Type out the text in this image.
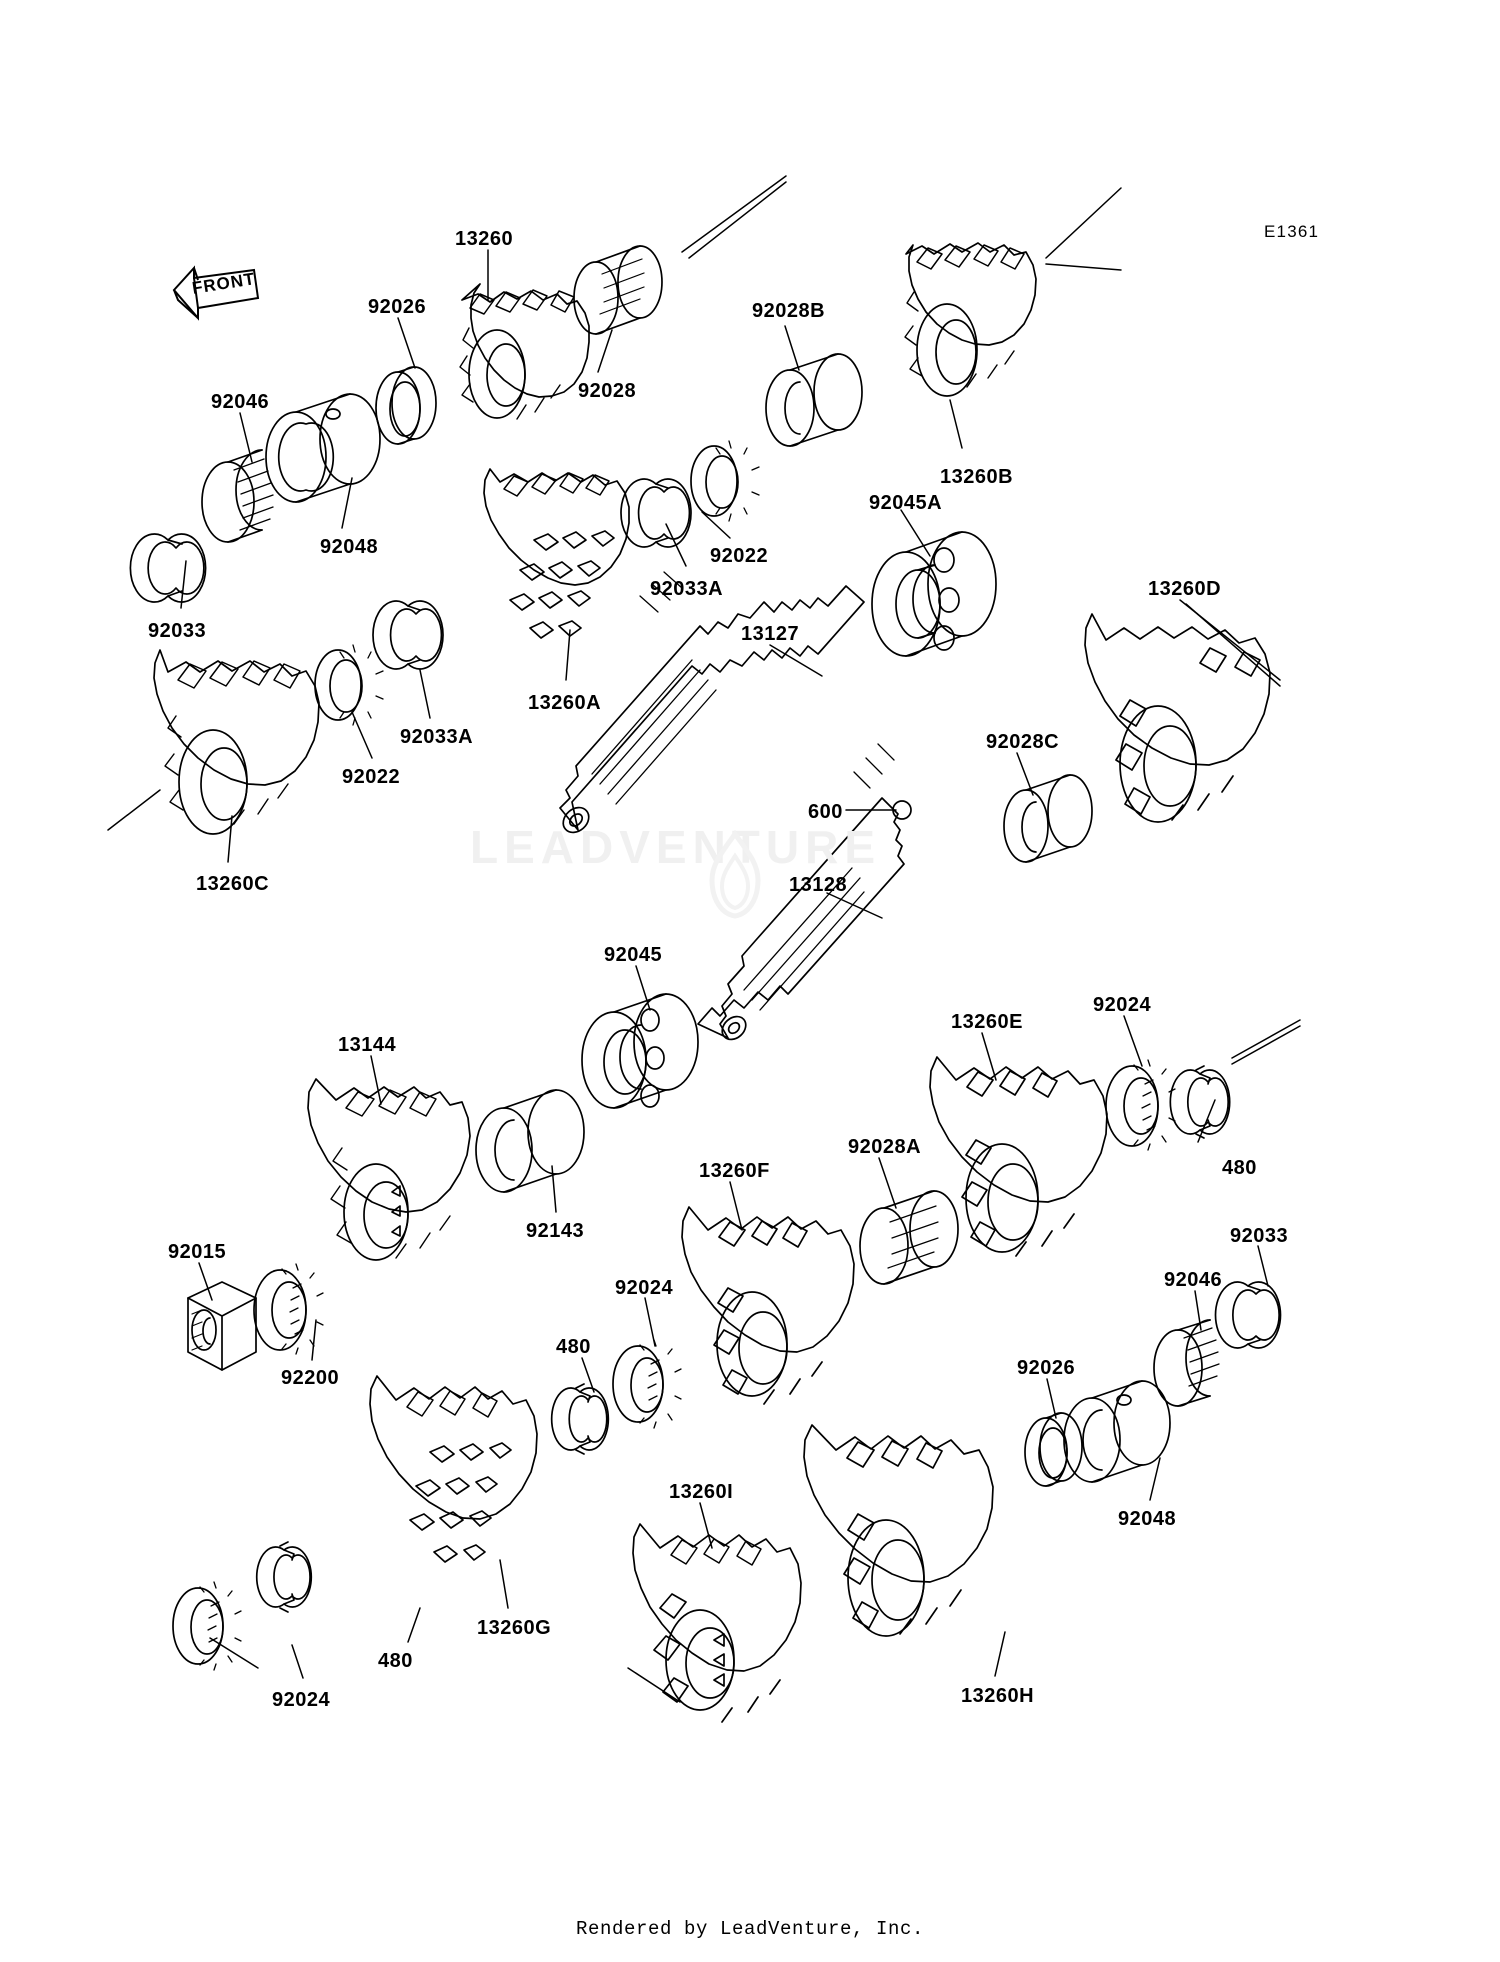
FRONT
E1361
LEADVENTURE
13260
92026
92028
92028B
13260B
92046
92048
92033
92022
92033A
92045A
13260A
13127
13260D
92022
92033A
13260C
92028C
600
13128
92045
13260E
92024
480
13144
92028A
92143
13260F
92015
92200
92024
480
92026
92046
92033
92048
13260I
13260G
480
92024	13260H
Rendered by LeadVenture, Inc.
